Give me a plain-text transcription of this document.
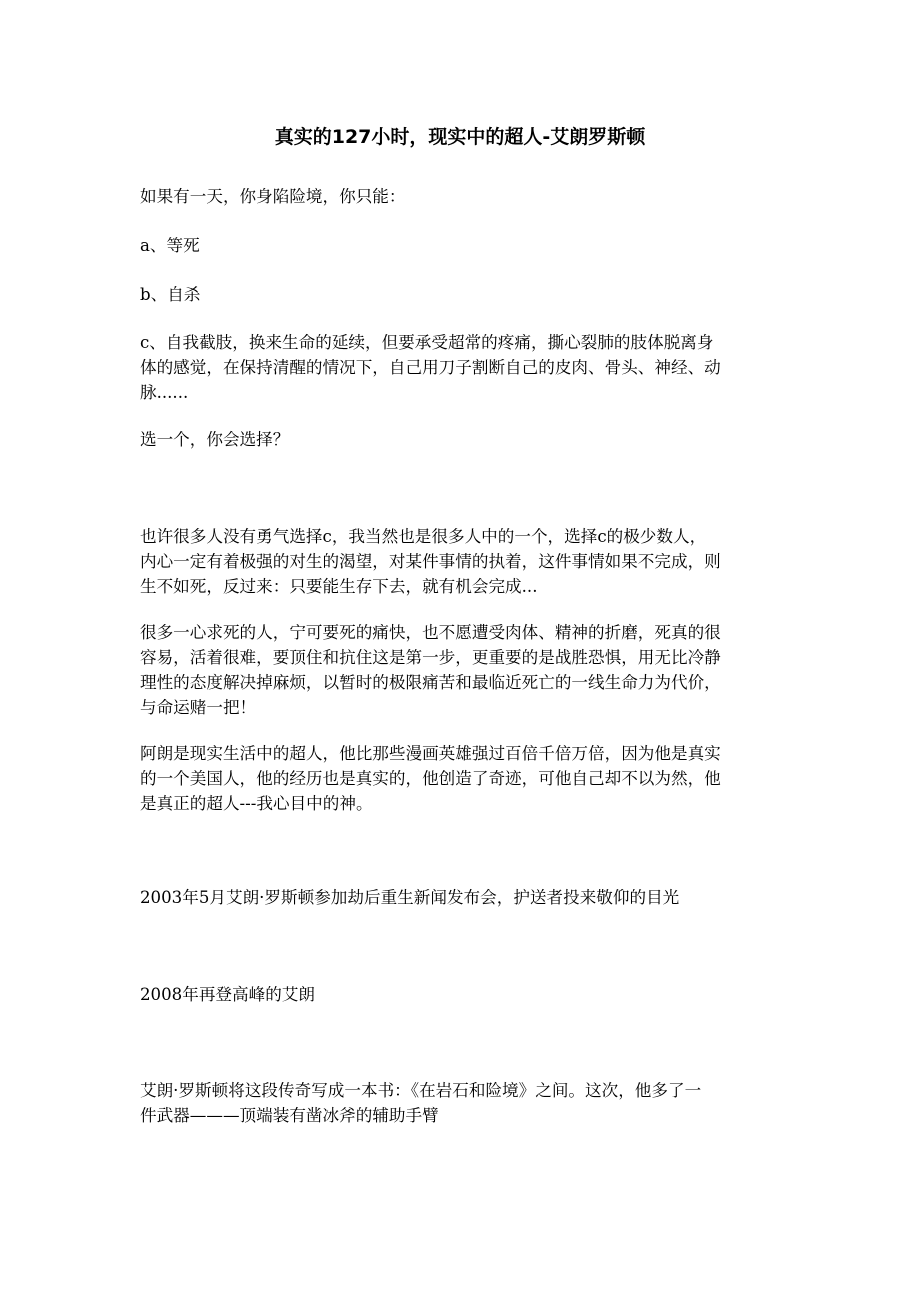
真实的127小时，现实中的超人-艾朗罗斯顿

如果有一天，你身陷险境，你只能：

a、等死

b、自杀

c、自我截肢，换来生命的延续，但要承受超常的疼痛，撕心裂肺的肢体脱离身
体的感觉，在保持清醒的情况下，自己用刀子割断自己的皮肉、骨头、神经、动
脉......

选一个，你会选择？

也许很多人没有勇气选择c，我当然也是很多人中的一个，选择c的极少数人，
内心一定有着极强的对生的渴望，对某件事情的执着，这件事情如果不完成，则
生不如死，反过来：只要能生存下去，就有机会完成...

很多一心求死的人，宁可要死的痛快，也不愿遭受肉体、精神的折磨，死真的很
容易，活着很难，要顶住和抗住这是第一步，更重要的是战胜恐惧，用无比冷静
理性的态度解决掉麻烦，以暂时的极限痛苦和最临近死亡的一线生命力为代价，
与命运赌一把！

阿朗是现实生活中的超人，他比那些漫画英雄强过百倍千倍万倍，因为他是真实
的一个美国人，他的经历也是真实的，他创造了奇迹，可他自己却不以为然，他
是真正的超人---我心目中的神。

2003年5月艾朗·罗斯顿参加劫后重生新闻发布会，护送者投来敬仰的目光

2008年再登高峰的艾朗

艾朗·罗斯顿将这段传奇写成一本书：《在岩石和险境》之间。这次，他多了一
件武器———顶端装有凿冰斧的辅助手臂
